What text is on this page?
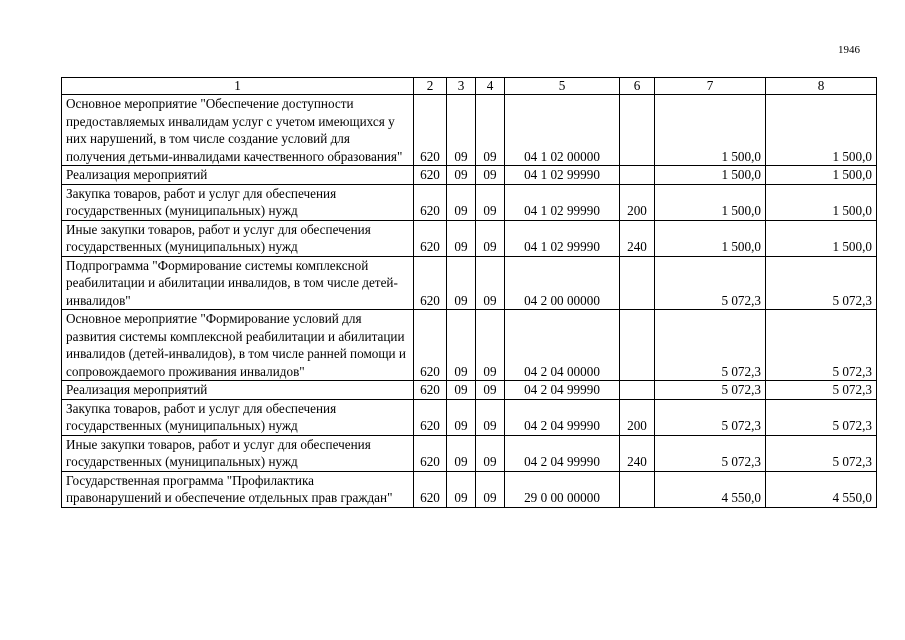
1946
1	2	3	4	5	6	7	8
Основное мероприятие "Обеспечение доступности предоставляемых инвалидам услуг с учетом имеющихся у них нарушений, в том числе создание условий для получения детьми-инвалидами качественного образования"	620	09	09	04 1 02 00000		1 500,0	1 500,0
Реализация мероприятий	620	09	09	04 1 02 99990		1 500,0	1 500,0
Закупка товаров, работ и услуг для обеспечения государственных (муниципальных) нужд	620	09	09	04 1 02 99990	200	1 500,0	1 500,0
Иные закупки товаров, работ и услуг для обеспечения государственных (муниципальных) нужд	620	09	09	04 1 02 99990	240	1 500,0	1 500,0
Подпрограмма "Формирование системы комплексной реабилитации и абилитации инвалидов, в том числе детей-инвалидов"	620	09	09	04 2 00 00000		5 072,3	5 072,3
Основное мероприятие "Формирование условий для развития системы комплексной реабилитации и абилитации инвалидов (детей-инвалидов), в том числе ранней помощи и сопровождаемого проживания инвалидов"	620	09	09	04 2 04 00000		5 072,3	5 072,3
Реализация мероприятий	620	09	09	04 2 04 99990		5 072,3	5 072,3
Закупка товаров, работ и услуг для обеспечения государственных (муниципальных) нужд	620	09	09	04 2 04 99990	200	5 072,3	5 072,3
Иные закупки товаров, работ и услуг для обеспечения государственных (муниципальных) нужд	620	09	09	04 2 04 99990	240	5 072,3	5 072,3
Государственная программа "Профилактика правонарушений и обеспечение отдельных прав граждан"	620	09	09	29 0 00 00000		4 550,0	4 550,0
